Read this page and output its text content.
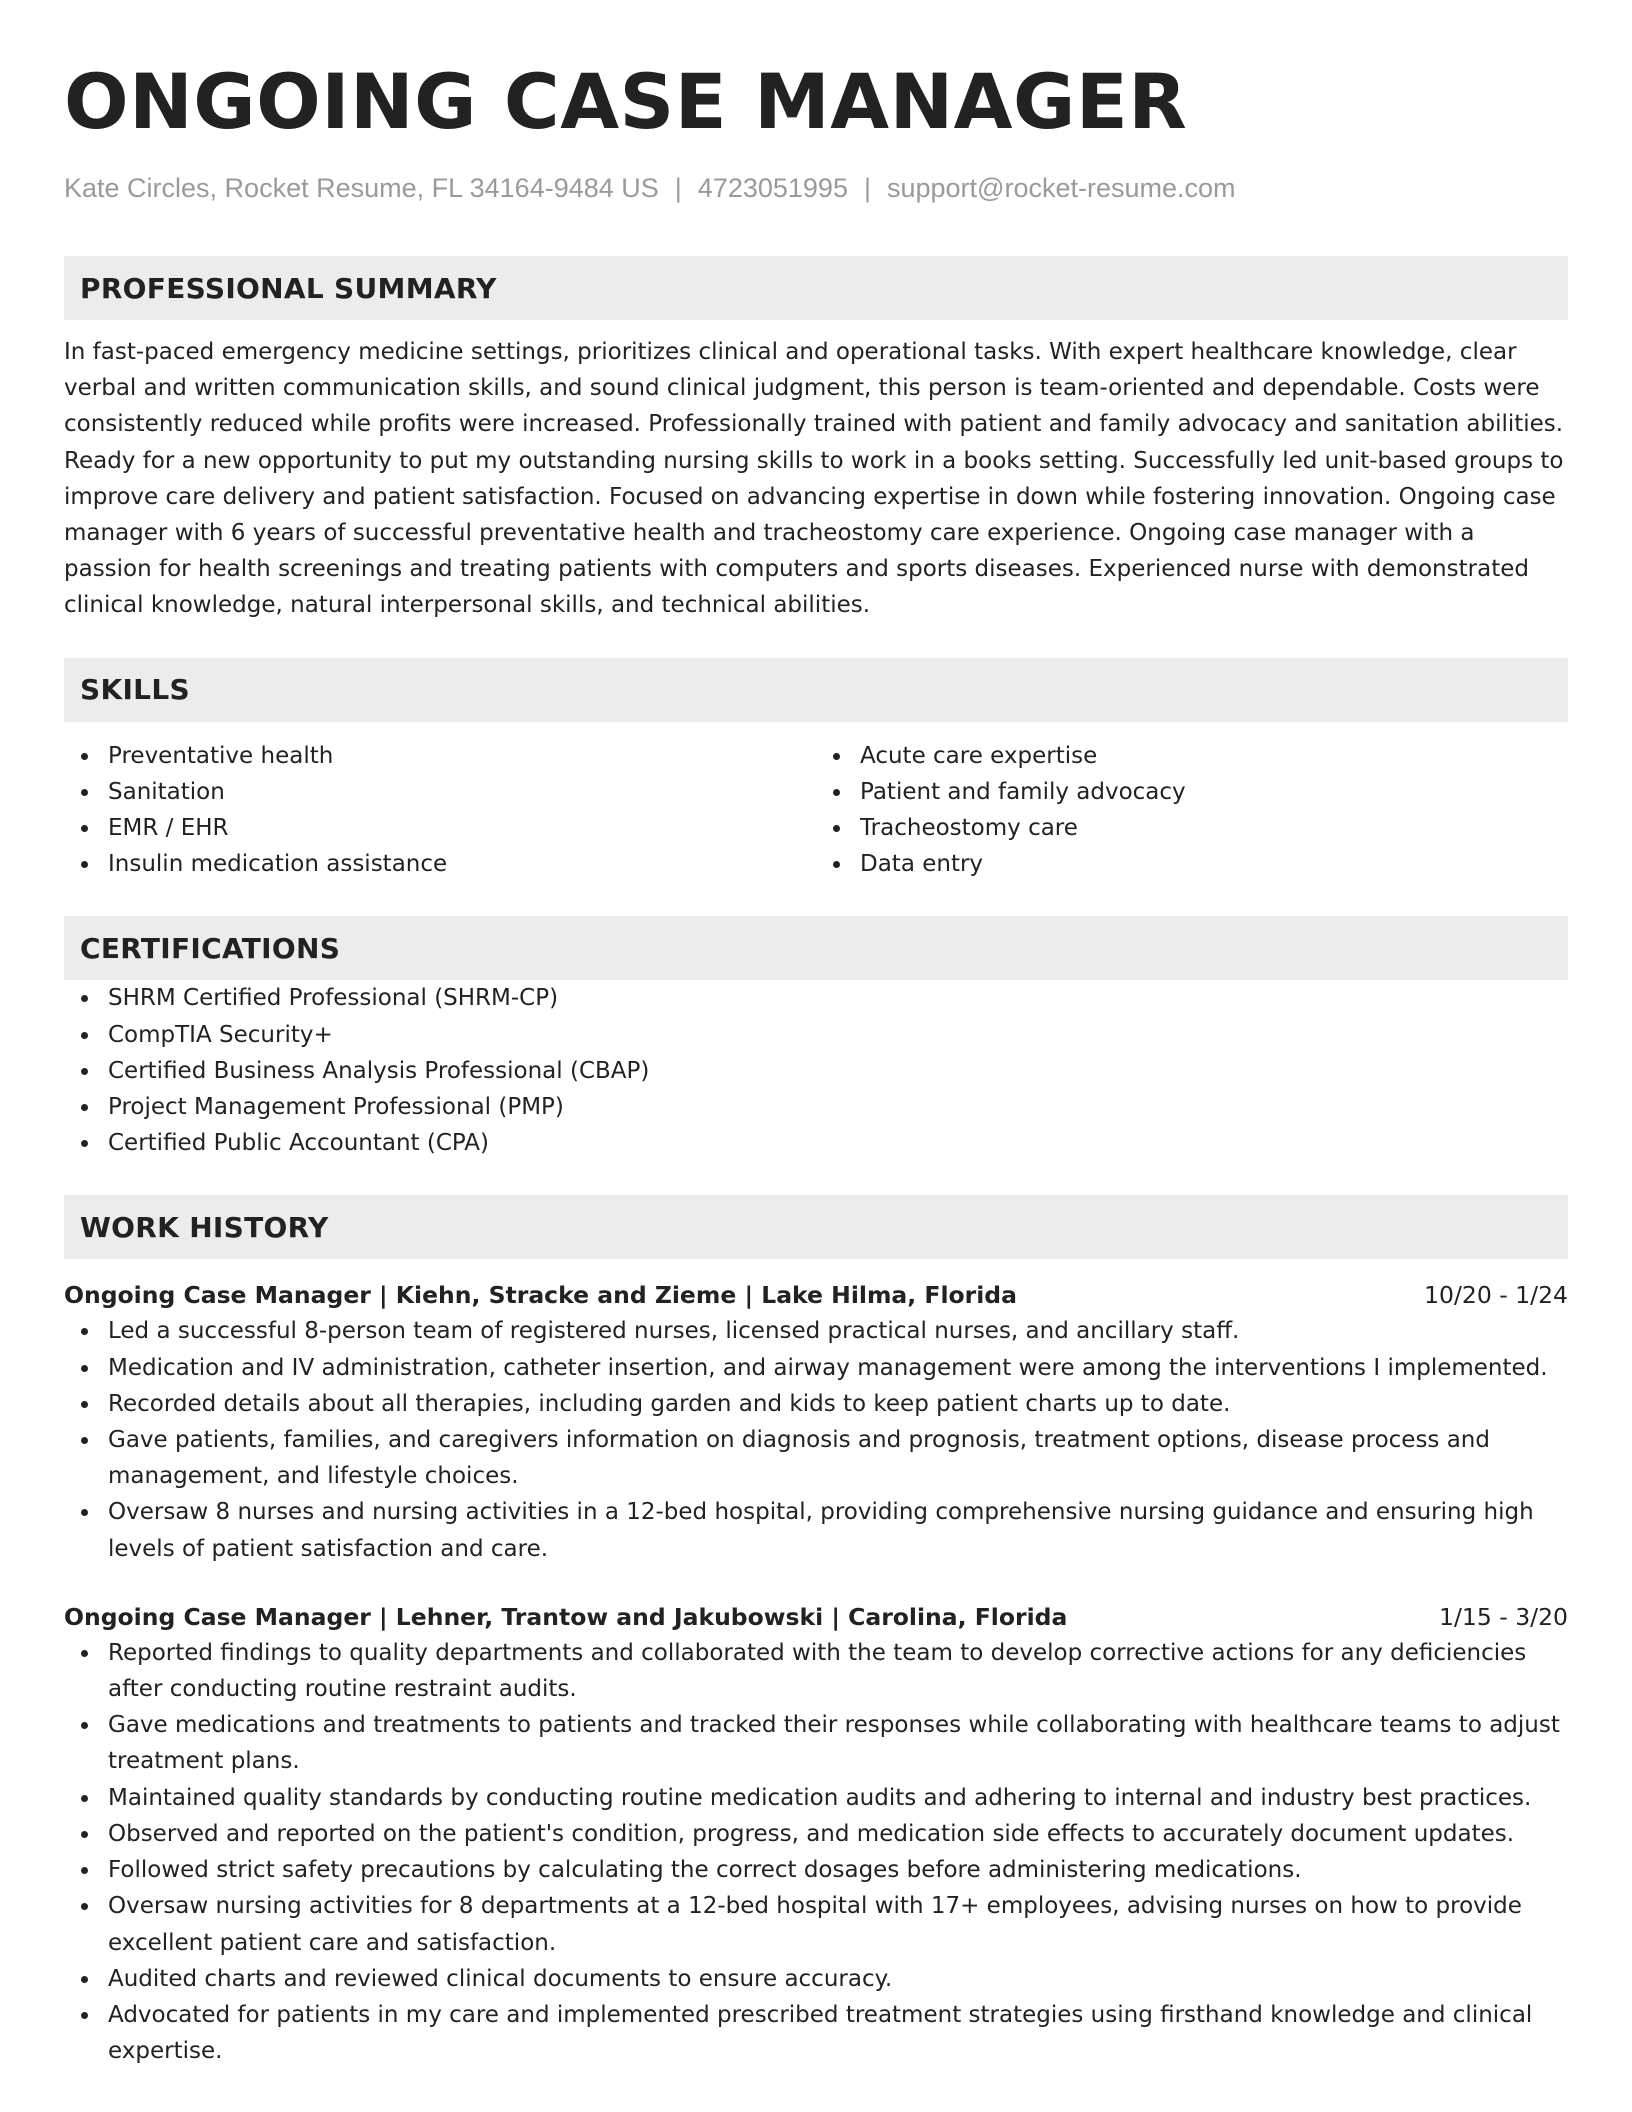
ONGOING CASE MANAGER
Kate Circles, Rocket Resume, FL 34164-9484 US | 4723051995 | support@rocket-resume.com
PROFESSIONAL SUMMARY

In fast-paced emergency medicine settings, prioritizes clinical and operational tasks. With expert healthcare knowledge, clear verbal and written communication skills, and sound clinical judgment, this person is team-oriented and dependable. Costs were consistently reduced while profits were increased. Professionally trained with patient and family advocacy and sanitation abilities. Ready for a new opportunity to put my outstanding nursing skills to work in a books setting. Successfully led unit-based groups to improve care delivery and patient satisfaction. Focused on advancing expertise in down while fostering innovation. Ongoing case manager with 6 years of successful preventative health and tracheostomy care experience. Ongoing case manager with a passion for health screenings and treating patients with computers and sports diseases. Experienced nurse with demonstrated clinical knowledge, natural interpersonal skills, and technical abilities.

SKILLS
Preventative health
Sanitation
EMR / EHR
Insulin medication assistance
Acute care expertise
Patient and family advocacy
Tracheostomy care
Data entry
CERTIFICATIONS
SHRM Certified Professional (SHRM-CP)
CompTIA Security+
Certified Business Analysis Professional (CBAP)
Project Management Professional (PMP)
Certified Public Accountant (CPA)
WORK HISTORY
Ongoing Case Manager | Kiehn, Stracke and Zieme | Lake Hilma, Florida	10/20 - 1/24
Led a successful 8-person team of registered nurses, licensed practical nurses, and ancillary staff.
Medication and IV administration, catheter insertion, and airway management were among the interventions I implemented.
Recorded details about all therapies, including garden and kids to keep patient charts up to date.
Gave patients, families, and caregivers information on diagnosis and prognosis, treatment options, disease process and management, and lifestyle choices.
Oversaw 8 nurses and nursing activities in a 12-bed hospital, providing comprehensive nursing guidance and ensuring high levels of patient satisfaction and care.
Ongoing Case Manager | Lehner, Trantow and Jakubowski | Carolina, Florida	1/15 - 3/20
Reported findings to quality departments and collaborated with the team to develop corrective actions for any deficiencies after conducting routine restraint audits.
Gave medications and treatments to patients and tracked their responses while collaborating with healthcare teams to adjust treatment plans.
Maintained quality standards by conducting routine medication audits and adhering to internal and industry best practices.
Observed and reported on the patient's condition, progress, and medication side effects to accurately document updates.
Followed strict safety precautions by calculating the correct dosages before administering medications.
Oversaw nursing activities for 8 departments at a 12-bed hospital with 17+ employees, advising nurses on how to provide excellent patient care and satisfaction.
Audited charts and reviewed clinical documents to ensure accuracy.
Advocated for patients in my care and implemented prescribed treatment strategies using firsthand knowledge and clinical expertise.
